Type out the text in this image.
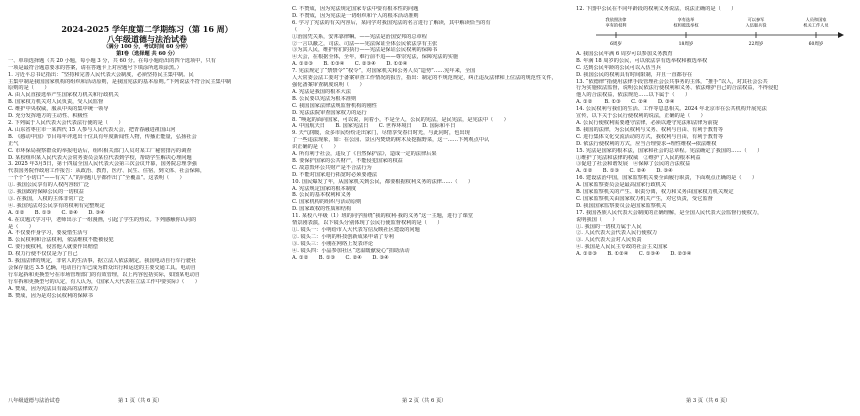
2024-2025 学年度第二学期练习（第 16 周）
八年级道德与法治试卷
（满分 100 分，考试时间 60 分钟）
第Ⅰ卷（选择题 共 60 分）
一、单项选择题（共 20 小题，每小题 3 分，共 60 分。在每小题给出的四个选项中，只有
一项是最符合题意要求的答案，请在答题卡上对应题号下填涂所选项涂黑。）
1. 习近平总书记指出：“坚持和完善人民代表大会制度，必须坚持民主集中制。民
主集中制是我国国家机构的组织和活动原则，是我国宪法的基本原则。”下列说法不符合民主集中制
原则的是（　　）
A. 由人民直接选举产生国家权力机关和行政机关
B. 国家权力机关对人民负责，受人民监督
C. 维护中央权威，服从中央的集中统一领导
D. 充分发挥地方的主动性、积极性
2. 下列属于人民代表大会代表法行使的是（　　）
A. 山东省枣庄市一某四代 15 人参与人民代表大会，把青春融进祖国山河
B. 《感动中国》节目每年评选出十位具有年度新闻性人物，传播正能量，弘扬社会
正气
C. 市环保局视察群众的举报电话后，组织相关部门人员对某工厂秘密排污的调查
D. 某校组织某人民代表大会常务委员会某位代表到学校，帮助学生解决心理问题
3. 2025 年3月5日，第十四届全国人民代表大会第三次会议开幕，国务院总理李强
代表国务院作政府工作报告：从政治、教育，医疗、民生、住宿，到文体、社会保障，
一个个“小切口”——有关“人”的问题几乎都作出了“全覆盖”。这表明（　　）
①. 我国公民享有的人权内容较广泛
②. 我国政府保障公民的一切权益
③. 在我国，人权的主体非常广泛
④. 我国宪法对公民享有的权利有完整规定
A. ①②　　B. ①③　　C. ②④　　D. ③④
4. 在议题式学习中，老师出示了一组漫画，引起了学生的热议。下列感触你认同的
是（　　）
A. 不仅要作身学习，要爱惜生活与
B. 公民权利和合法权利，依法维权不能被侵犯
C. 要行使权利，侵害他人就要作出赔偿
D. 权力行使不仅仅是为了自己
5. 我国法律的规定，非常人的生活事，据立法人依法制定。我国电动自行车行驶社
会保存量达 3.5 亿辆，电动自行车已成为群众出行和运送的主要交通工具。电动自
行车起拆和更换型号在市场管理部门的有效管理，以上内容包括实际，如图某电动自
行车拆和更换型号的认定，有人认为，《国家人大代表在立法工作中要实际》（　　）
A. 赞成，因为宪法具有最高的法律效力
B. 赞成，因为是对公民权利的保障书
C. 不赞成，因为宪法规定国家专法中要有根本性的问题
D. 不赞成，因为宪法是一切组织和个人的根本活动准则
6. 学习了宪法的有关内容后，某同学对我国宪法的名言进行了解读，其中解读恰当的有
（　　）
①治国凭关系，安邦靠律嘛。——宪法是治国安邦的总章程
②一言以蔽之，司法、司法——宪法保证全体公民依法享有主张
③为其人民，维护你们的执行——宪法是保证公民权利的保障书
④大会，在根据全体，全年，难行前不追——尊崇宪法，保障宪法的实施
A. ①②③　　B. ①③④　　C. ②③④　　D. ①②④
7. 宪法规定了“禁禁令”“权令”，对国家机关和公务人员“造势”……宪年来，全国
人大常委会法工委对于备案审查工作情况的报告，指出：制定的不规范规定，纠正违反法律和上位法的规范性文件，
强化备案审查制度说明（　　）
A. 宪法是我国的根本大法
B. 公民要以宪法为根本准则
C. 我国国家法律法规监督机构的刚性
D. 宪法法院审查国家权力的运行
8. “唤起的面向国家，可以说，向着小，不是全人，公民的宪法，是民宪法，是宪法中（　　）
A. 中国航天日　　B. 国家宪法日　　C. 世界环境日　　D. 国际和平日
9. 天气润暖，众多市民纷纷走出家门，尽情享受春日时光，与此同时，也出现
了一些违法现象，如：在公园、景区内焚烧的树木及挖掘野菜，这一……下列观点中认
识正确的是（　　）
A. 所有利于社会，违反了《自然保护法》，造成一定的法律后果
B. 要保护国家的公共财产，不能侵犯国家的权益
C. 故意毁坏公共财产是不合法行为
D. 不能对国家进行拓宽时必须要遵法
10. 国民爆发了年，从国家机关到公民，都要根据权利义务的法律……（　　）
A. 宪法规定国家的根本制度
B. 公民的基本权利和义务
C. 国家机构的组织与活动原则
D. 国家政权的性质和结构
11. 某校八年级（1）班的同学围绕“我的权利·我的义务”这一主题，进行了课堂
情景剧表演，以下镜头分别体现了公民行使监督权利的是（　　）
①. 镜头一：小明给市人大代表写信反映社区建设的问题
②. 镜头二：小明的科技创新成果申请了专利
③. 镜头三：小刚在网络上发表评论
④. 镜头四：小晶参加社区“送温暖献爱心”捐助活动
A. ①②　　B. ①③　　C. ②④　　D. ③④
12. 下图中公民在不同年龄段的权利义务说法，说法正确的是（　　）
6周岁
我依照法律
享有的权利
18周岁
享有选举
权和被选举权
22周岁
可以参军
入伍服兵役
60周岁
人员和国家
机关工作人员
A. 我国公民年满 6 周岁可以参加义务教育
B. 年满 18 周岁的公民，可以依法享有选举权和被选举权
C. 达到公民年龄的公民可以入伍当兵
D. 我国公民的权利具有时间限制，并且一直都存在
13. “依德律”指使用法律手段管理社会公共事务的主体，“推手”以人，对其社会公共
行为实施依法监督，说明公民依法行使权利和义务、依法维护自己的合法权益，不得侵犯
他人的合法权益，依法规范……以下属于（　　）
A. ①② 　　B. ①③　　C. ②④　　D. ③④
14. 公民权利与我们的生活、工作等息息相关。2024 年北京市在公共机构开展宪法
宣传，以下关于公民行使权利的说法，正确的是（　　）
A. 公民行使权利需要遵守法律，必须以遵守宪法和法律为前提
B. 我国的法律，为公民权利与义务、权利与自由、有利于教育等
C. 进行集体文化交流活动的方式，我权利与自由，有利于教育等
D. 依法行使权利的方式，应当合理要求→理性维权→依法维权
15. 宪法是国家的根本法，国家和社会的总章程。宪法确定了我国的……（　　）
①维护了宪法和法律的权威　②维护了人民的根本利益
③促进了社会和谐发展　④保障了公民的合法权益
A. ①②　　B. ①③　　C. ②④　　D. ③④
16. 建设法治中国，国家监察机关要全面履行职责，下面观点正确的是（　　）
A. 国家监察委员会是最高国家行政机关
B. 国家监察机关的产生、职责分离，权力和义务由国家权力机关规定
C. 国家监察机关由国家权力机关产生，对它负责，受它监督
D. 我国国家监察委员会是国家监察机关
17. 我国各族人民代表大会制度的正确理解，是全国人民代表大会监督行使权力，
说明我国（　　）
①. 我国的一切权力属于人民
②. 人民代表大会代表人民行使权力
③. 人民代表大会对人民负责
④. 我国是人民民主专政的社会主义国家
A. ①②③　　B. ①②④　　C. ①③④　　D. ②③④
八年级道德与法治试卷	第 1 页（共 6 页）	第 2 页（共 6 页）	第 3 页（共 6 页）
